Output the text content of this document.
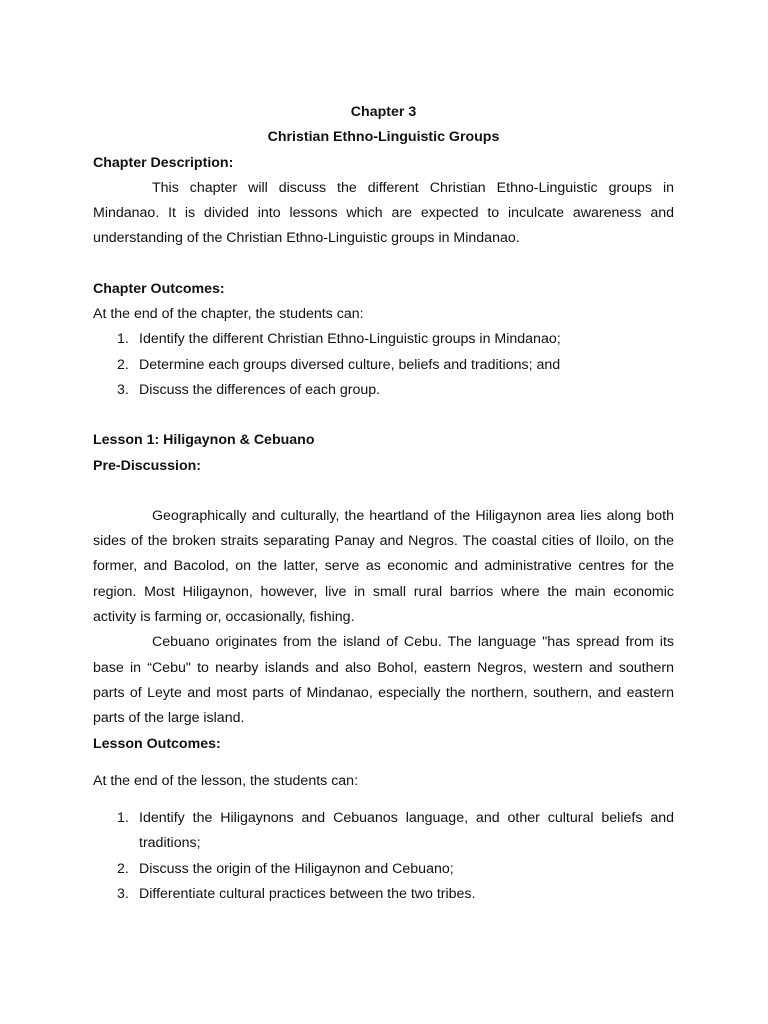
Chapter 3

Christian Ethno-Linguistic Groups

Chapter Description:

This chapter will discuss the different Christian Ethno-Linguistic groups in Mindanao. It is divided into lessons which are expected to inculcate awareness and understanding of the Christian Ethno-Linguistic groups in Mindanao.

Chapter Outcomes:

At the end of the chapter, the students can:

1. Identify the different Christian Ethno-Linguistic groups in Mindanao;
2. Determine each groups diversed culture, beliefs and traditions; and
3. Discuss the differences of each group.

Lesson 1: Hiligaynon & Cebuano

Pre-Discussion:

Geographically and culturally, the heartland of the Hiligaynon area lies along both sides of the broken straits separating Panay and Negros. The coastal cities of Iloilo, on the former, and Bacolod, on the latter, serve as economic and administrative centres for the region. Most Hiligaynon, however, live in small rural barrios where the main economic activity is farming or, occasionally, fishing.

Cebuano originates from the island of Cebu. The language "has spread from its base in “Cebu" to nearby islands and also Bohol, eastern Negros, western and southern parts of Leyte and most parts of Mindanao, especially the northern, southern, and eastern parts of the large island.

Lesson Outcomes:

At the end of the lesson, the students can:

1. Identify the Hiligaynons and Cebuanos language, and other cultural beliefs and traditions;
2. Discuss the origin of the Hiligaynon and Cebuano;
3. Differentiate cultural practices between the two tribes.
